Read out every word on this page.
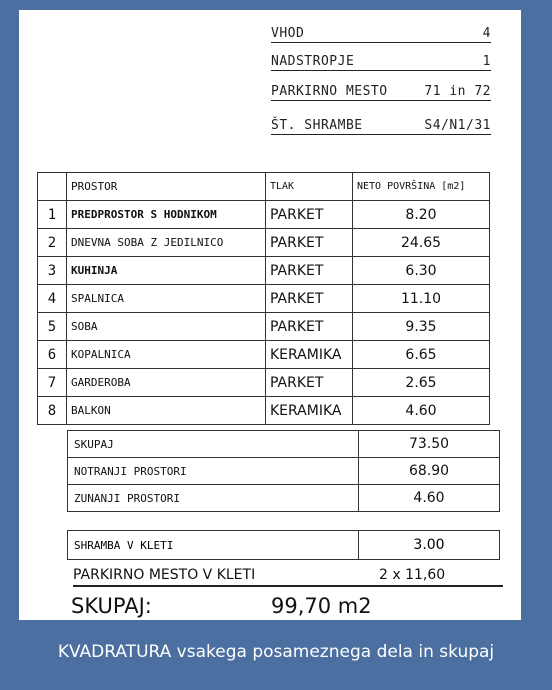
VHOD	4
NADSTROPJE	1
PARKIRNO MESTO	71 in 72
ŠT. SHRAMBE	S4/N1/31
	PROSTOR	TLAK	NETO POVRŠINA [m2]
1	PREDPROSTOR S HODNIKOM	PARKET	8.20
2	DNEVNA SOBA Z JEDILNICO	PARKET	24.65
3	KUHINJA	PARKET	6.30
4	SPALNICA	PARKET	11.10
5	SOBA	PARKET	9.35
6	KOPALNICA	KERAMIKA	6.65
7	GARDEROBA	PARKET	2.65
8	BALKON	KERAMIKA	4.60
SKUPAJ	73.50
NOTRANJI PROSTORI	68.90
ZUNANJI PROSTORI	4.60
SHRAMBA V KLETI	3.00
PARKIRNO MESTO V KLETI	2 x 11,60
SKUPAJ:	99,70 m2
KVADRATURA vsakega posameznega dela in skupaj
